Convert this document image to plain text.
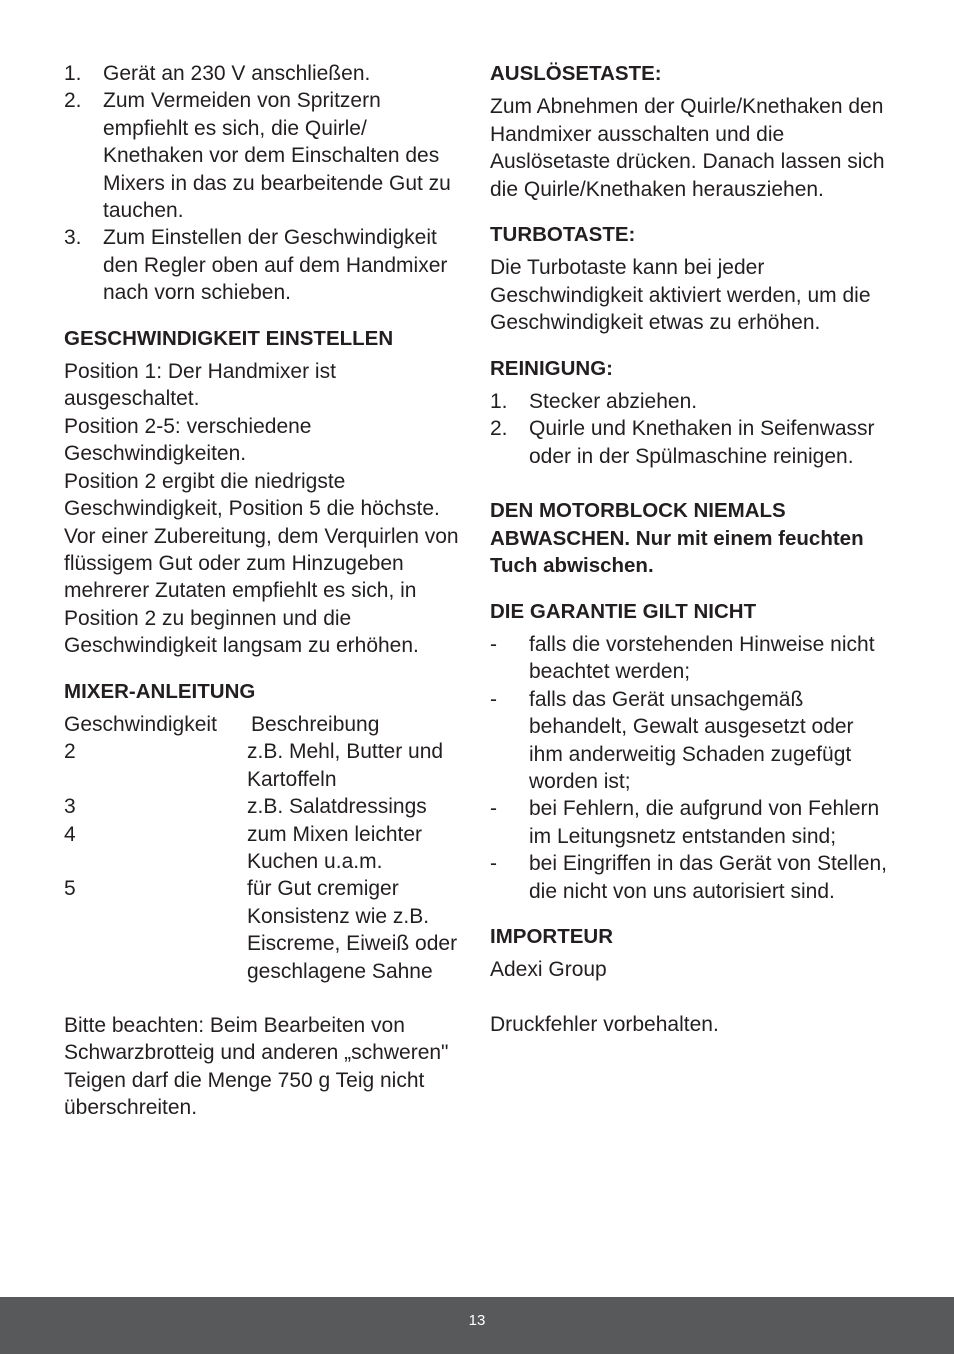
1.	Gerät an 230 V anschließen.
2.	Zum Vermeiden von Spritzern empfiehlt es sich, die Quirle/ Knethaken vor dem Einschalten des Mixers in das zu bearbeitende Gut zu tauchen.
3.	Zum Einstellen der Geschwindigkeit den Regler oben auf dem Handmixer nach vorn schieben.
GESCHWINDIGKEIT EINSTELLEN

Position 1: Der Handmixer ist ausgeschaltet.

Position 2-5: verschiedene Geschwindigkeiten.

Position 2 ergibt die niedrigste Geschwindigkeit, Position 5 die höchste.

Vor einer Zubereitung, dem Verquirlen von flüssigem Gut oder zum Hinzugeben mehrerer Zutaten empfiehlt es sich, in Position 2 zu beginnen und die Geschwindigkeit langsam zu erhöhen.

MIXER-ANLEITUNG
Geschwindigkeit	Beschreibung
2	z.B. Mehl, Butter und Kartoffeln
3	z.B. Salatdressings
4	zum Mixen leichter Kuchen u.a.m.
5	für Gut cremiger Konsistenz wie z.B. Eiscreme, Eiweiß oder geschlagene Sahne

Bitte beachten: Beim Bearbeiten von Schwarzbrotteig und anderen „schweren" Teigen darf die Menge 750 g Teig nicht überschreiten.

AUSLÖSETASTE:

Zum Abnehmen der Quirle/Knethaken den Handmixer ausschalten und die Auslösetaste drücken. Danach lassen sich die Quirle/Knethaken herausziehen.

TURBOTASTE:

Die Turbotaste kann bei jeder Geschwindigkeit aktiviert werden, um die Geschwindigkeit etwas zu erhöhen.

REINIGUNG:
1.	Stecker abziehen.
2.	Quirle und Knethaken in Seifenwassr oder in der Spülmaschine reinigen.

DEN MOTORBLOCK NIEMALS ABWASCHEN. Nur mit einem feuchten Tuch abwischen.

DIE GARANTIE GILT NICHT
-	falls die vorstehenden Hinweise nicht beachtet werden;
-	falls das Gerät unsachgemäß behandelt, Gewalt ausgesetzt oder ihm anderweitig Schaden zugefügt worden ist;
-	bei Fehlern, die aufgrund von Fehlern im Leitungsnetz entstanden sind;
-	bei Eingriffen in das Gerät von Stellen, die nicht von uns autorisiert sind.
IMPORTEUR

Adexi Group

Druckfehler vorbehalten.

13
